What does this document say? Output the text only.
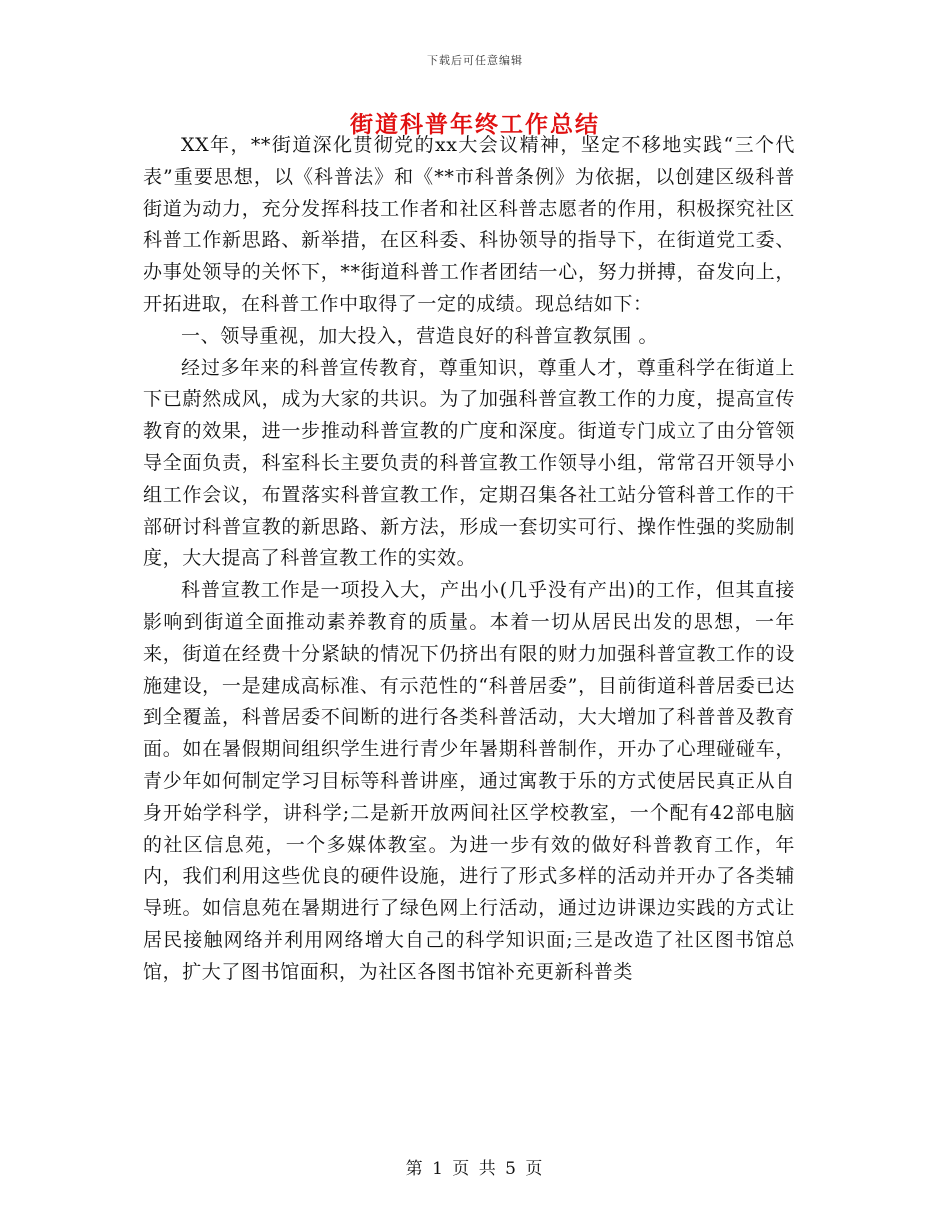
下载后可任意编辑
街道科普年终工作总结

XX年，**街道深化贯彻党的xx大会议精神，坚定不移地实践“三个代表”重要思想，以《科普法》和《**市科普条例》为依据，以创建区级科普街道为动力，充分发挥科技工作者和社区科普志愿者的作用，积极探究社区科普工作新思路、新举措，在区科委、科协领导的指导下，在街道党工委、办事处领导的关怀下，**街道科普工作者团结一心，努力拼搏，奋发向上，开拓进取，在科普工作中取得了一定的成绩。现总结如下：

一、领导重视，加大投入，营造良好的科普宣教氛围 。

经过多年来的科普宣传教育，尊重知识，尊重人才，尊重科学在街道上下已蔚然成风，成为大家的共识。为了加强科普宣教工作的力度，提高宣传教育的效果，进一步推动科普宣教的广度和深度。街道专门成立了由分管领导全面负责，科室科长主要负责的科普宣教工作领导小组，常常召开领导小组工作会议，布置落实科普宣教工作，定期召集各社工站分管科普工作的干部研讨科普宣教的新思路、新方法，形成一套切实可行、操作性强的奖励制度，大大提高了科普宣教工作的实效。

科普宣教工作是一项投入大，产出小(几乎没有产出)的工作，但其直接影响到街道全面推动素养教育的质量。本着一切从居民出发的思想，一年来，街道在经费十分紧缺的情况下仍挤出有限的财力加强科普宣教工作的设施建设，一是建成高标准、有示范性的“科普居委”，目前街道科普居委已达到全覆盖，科普居委不间断的进行各类科普活动，大大增加了科普普及教育面。如在暑假期间组织学生进行青少年暑期科普制作，开办了心理碰碰车，青少年如何制定学习目标等科普讲座，通过寓教于乐的方式使居民真正从自身开始学科学，讲科学;二是新开放两间社区学校教室，一个配有42部电脑的社区信息苑，一个多媒体教室。为进一步有效的做好科普教育工作，年内，我们利用这些优良的硬件设施，进行了形式多样的活动并开办了各类辅导班。如信息苑在暑期进行了绿色网上行活动，通过边讲课边实践的方式让居民接触网络并利用网络增大自己的科学知识面;三是改造了社区图书馆总馆，扩大了图书馆面积，为社区各图书馆补充更新科普类

第 1 页 共 5 页
